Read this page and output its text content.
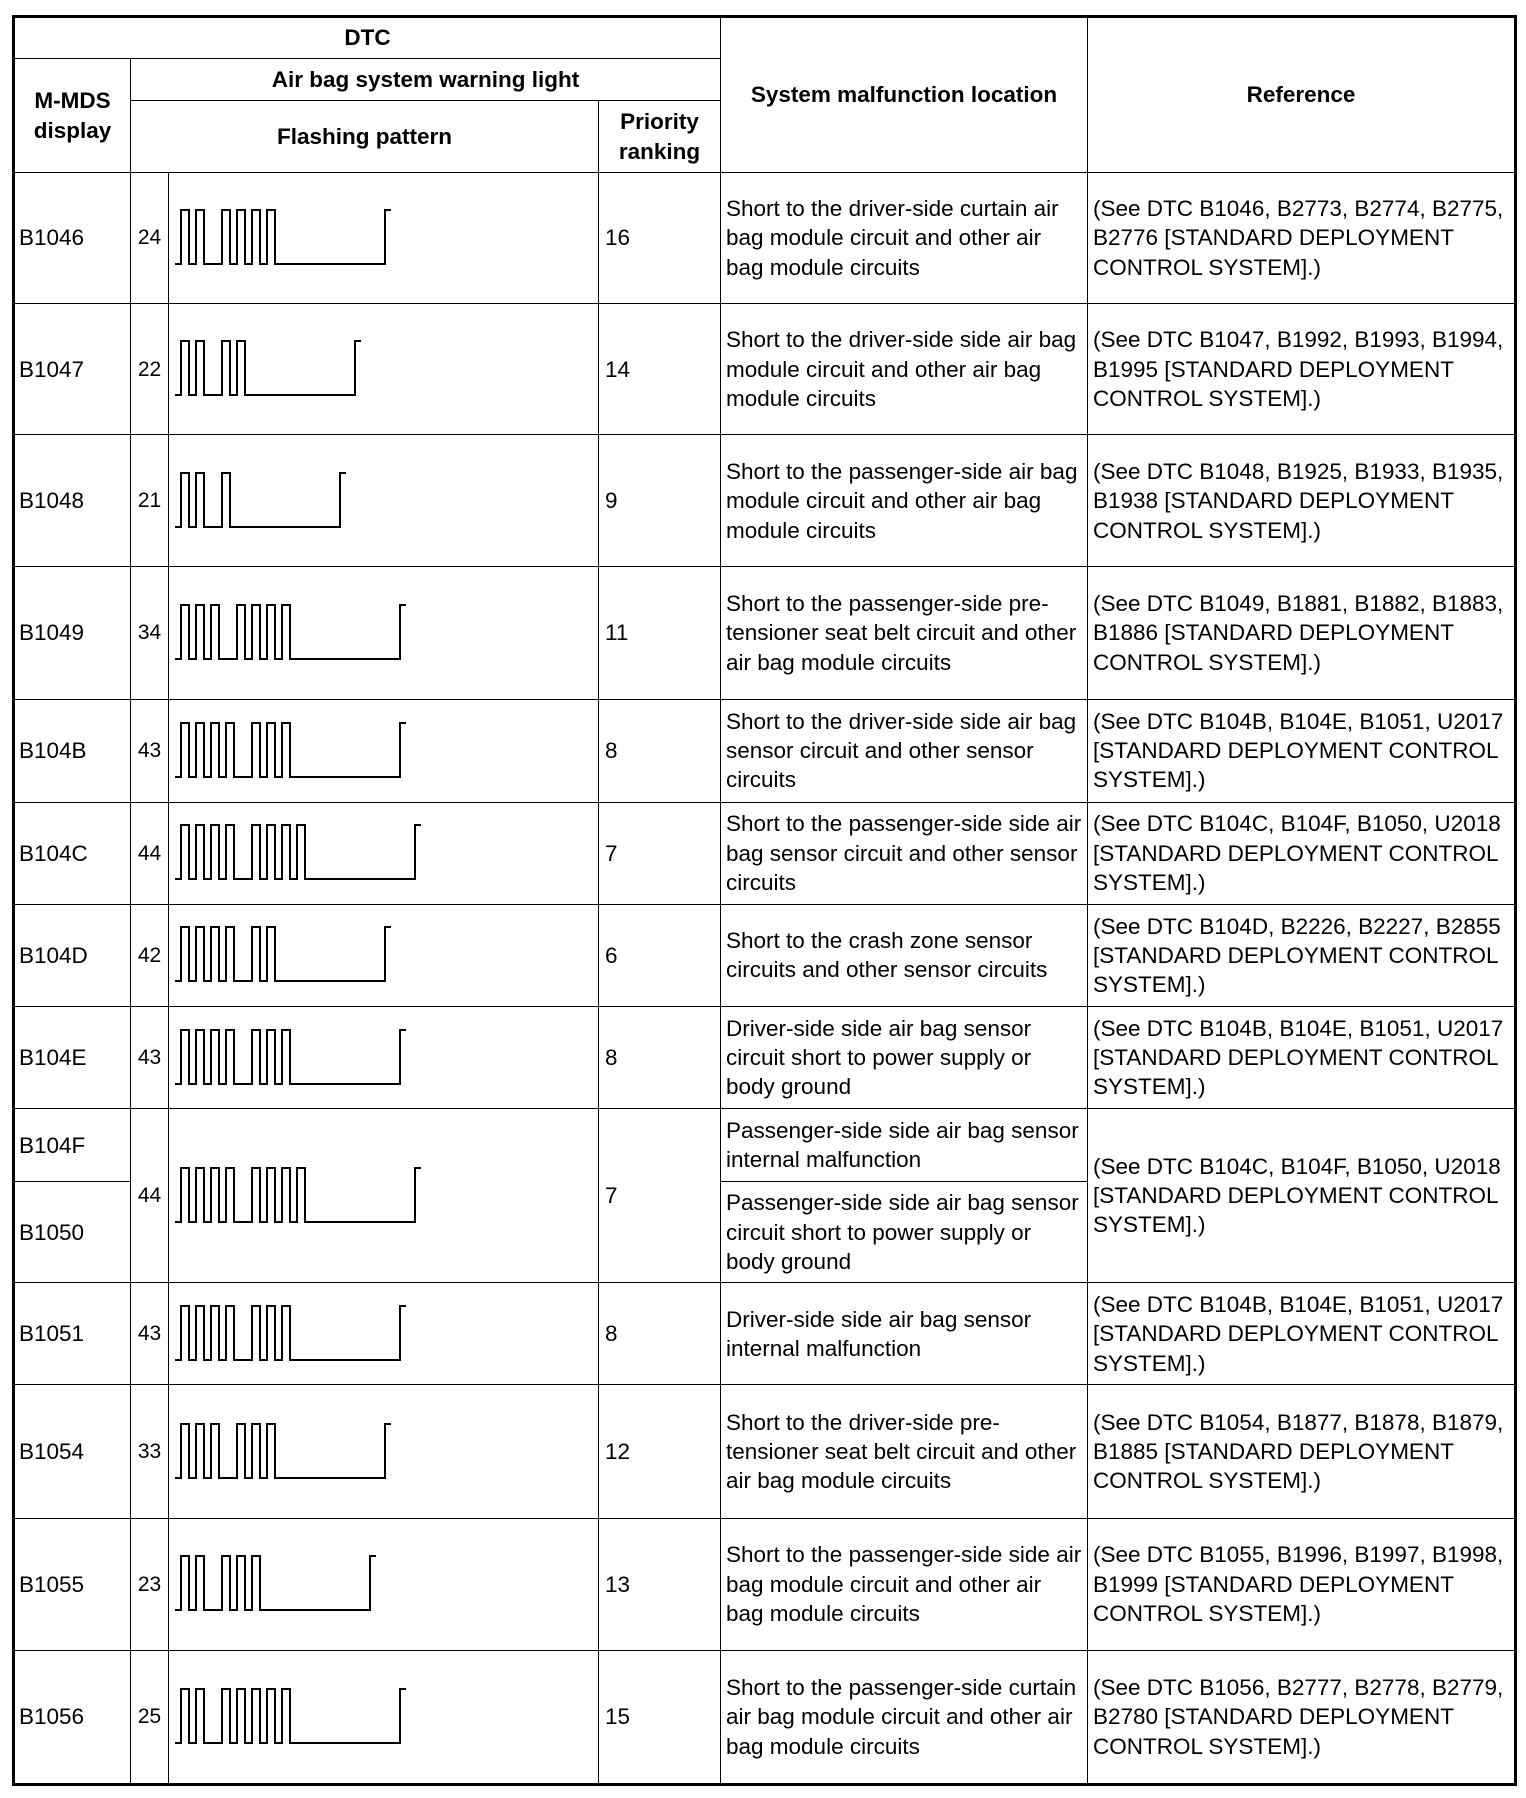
DTC				System malfunction location	Reference
M-MDS display	Air bag system warning light				
	Flashing pattern		Priority ranking		
B1046	24		16	Short to the driver-side curtain air bag module circuit and other air bag module circuits	(See DTC B1046, B2773, B2774, B2775, B2776 [STANDARD DEPLOYMENT CONTROL SYSTEM].)
B1047	22		14	Short to the driver-side side air bag module circuit and other air bag module circuits	(See DTC B1047, B1992, B1993, B1994, B1995 [STANDARD DEPLOYMENT CONTROL SYSTEM].)
B1048	21		9	Short to the passenger-side air bag module circuit and other air bag module circuits	(See DTC B1048, B1925, B1933, B1935, B1938 [STANDARD DEPLOYMENT CONTROL SYSTEM].)
B1049	34		11	Short to the passenger-side pre-tensioner seat belt circuit and other air bag module circuits	(See DTC B1049, B1881, B1882, B1883, B1886 [STANDARD DEPLOYMENT CONTROL SYSTEM].)
B104B	43		8	Short to the driver-side side air bag sensor circuit and other sensor circuits	(See DTC B104B, B104E, B1051, U2017 [STANDARD DEPLOYMENT CONTROL SYSTEM].)
B104C	44		7	Short to the passenger-side side air bag sensor circuit and other sensor circuits	(See DTC B104C, B104F, B1050, U2018 [STANDARD DEPLOYMENT CONTROL SYSTEM].)
B104D	42		6	Short to the crash zone sensor circuits and other sensor circuits	(See DTC B104D, B2226, B2227, B2855 [STANDARD DEPLOYMENT CONTROL SYSTEM].)
B104E	43		8	Driver-side side air bag sensor circuit short to power supply or body ground	(See DTC B104B, B104E, B1051, U2017 [STANDARD DEPLOYMENT CONTROL SYSTEM].)
B104F	44		7	Passenger-side side air bag sensor internal malfunction	(See DTC B104C, B104F, B1050, U2018 [STANDARD DEPLOYMENT CONTROL SYSTEM].)
B1050				Passenger-side side air bag sensor circuit short to power supply or body ground	
B1051	43		8	Driver-side side air bag sensor internal malfunction	(See DTC B104B, B104E, B1051, U2017 [STANDARD DEPLOYMENT CONTROL SYSTEM].)
B1054	33		12	Short to the driver-side pre-tensioner seat belt circuit and other air bag module circuits	(See DTC B1054, B1877, B1878, B1879, B1885 [STANDARD DEPLOYMENT CONTROL SYSTEM].)
B1055	23		13	Short to the passenger-side side air bag module circuit and other air bag module circuits	(See DTC B1055, B1996, B1997, B1998, B1999 [STANDARD DEPLOYMENT CONTROL SYSTEM].)
B1056	25		15	Short to the passenger-side curtain air bag module circuit and other air bag module circuits	(See DTC B1056, B2777, B2778, B2779, B2780 [STANDARD DEPLOYMENT CONTROL SYSTEM].)
